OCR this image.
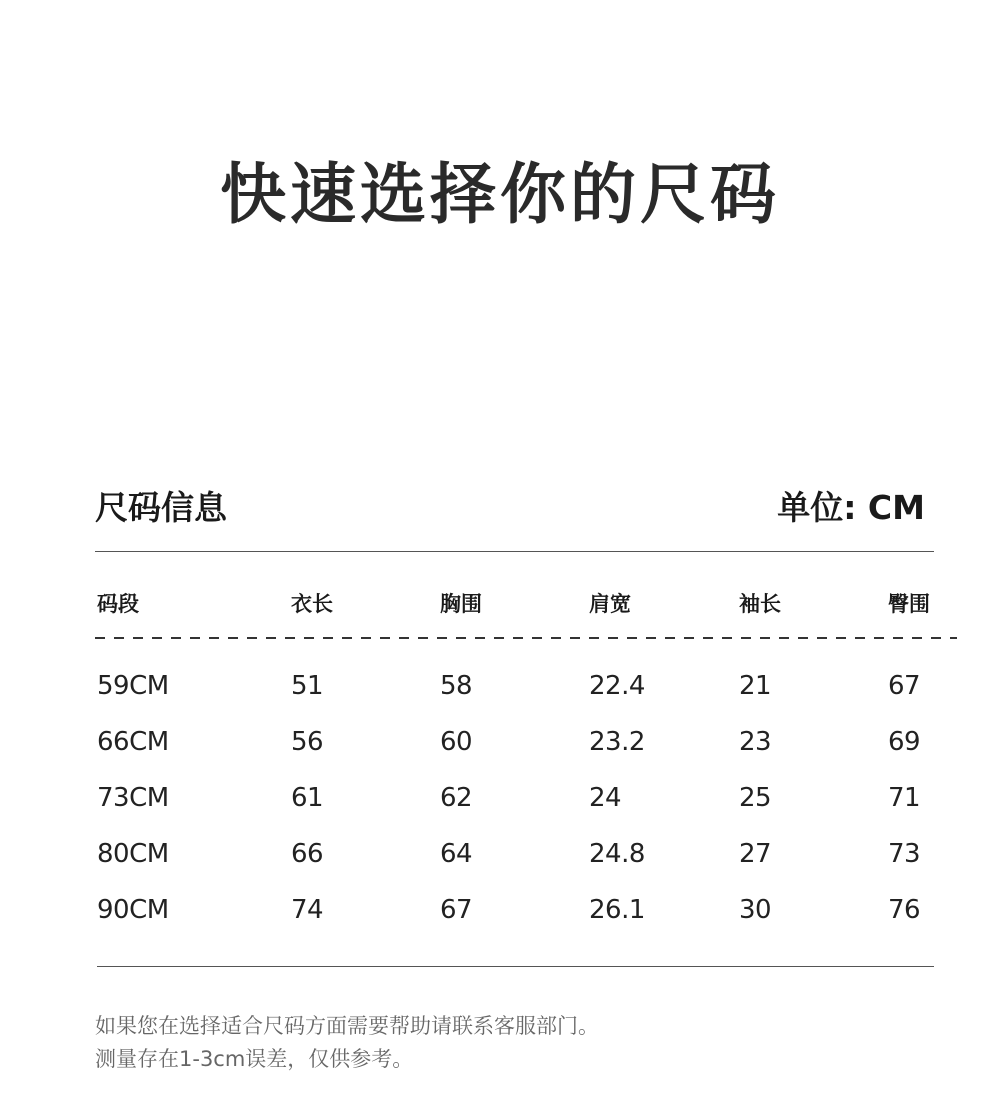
快速选择你的尺码
尺码信息	单位: CM
码段	衣长	胸围	肩宽	袖长	臀围
59CM	51	58	22.4	21	67
66CM	56	60	23.2	23	69
73CM	61	62	24	25	71
80CM	66	64	24.8	27	73
90CM	74	67	26.1	30	76
如果您在选择适合尺码方面需要帮助请联系客服部门。
测量存在1-3cm误差，仅供参考。
